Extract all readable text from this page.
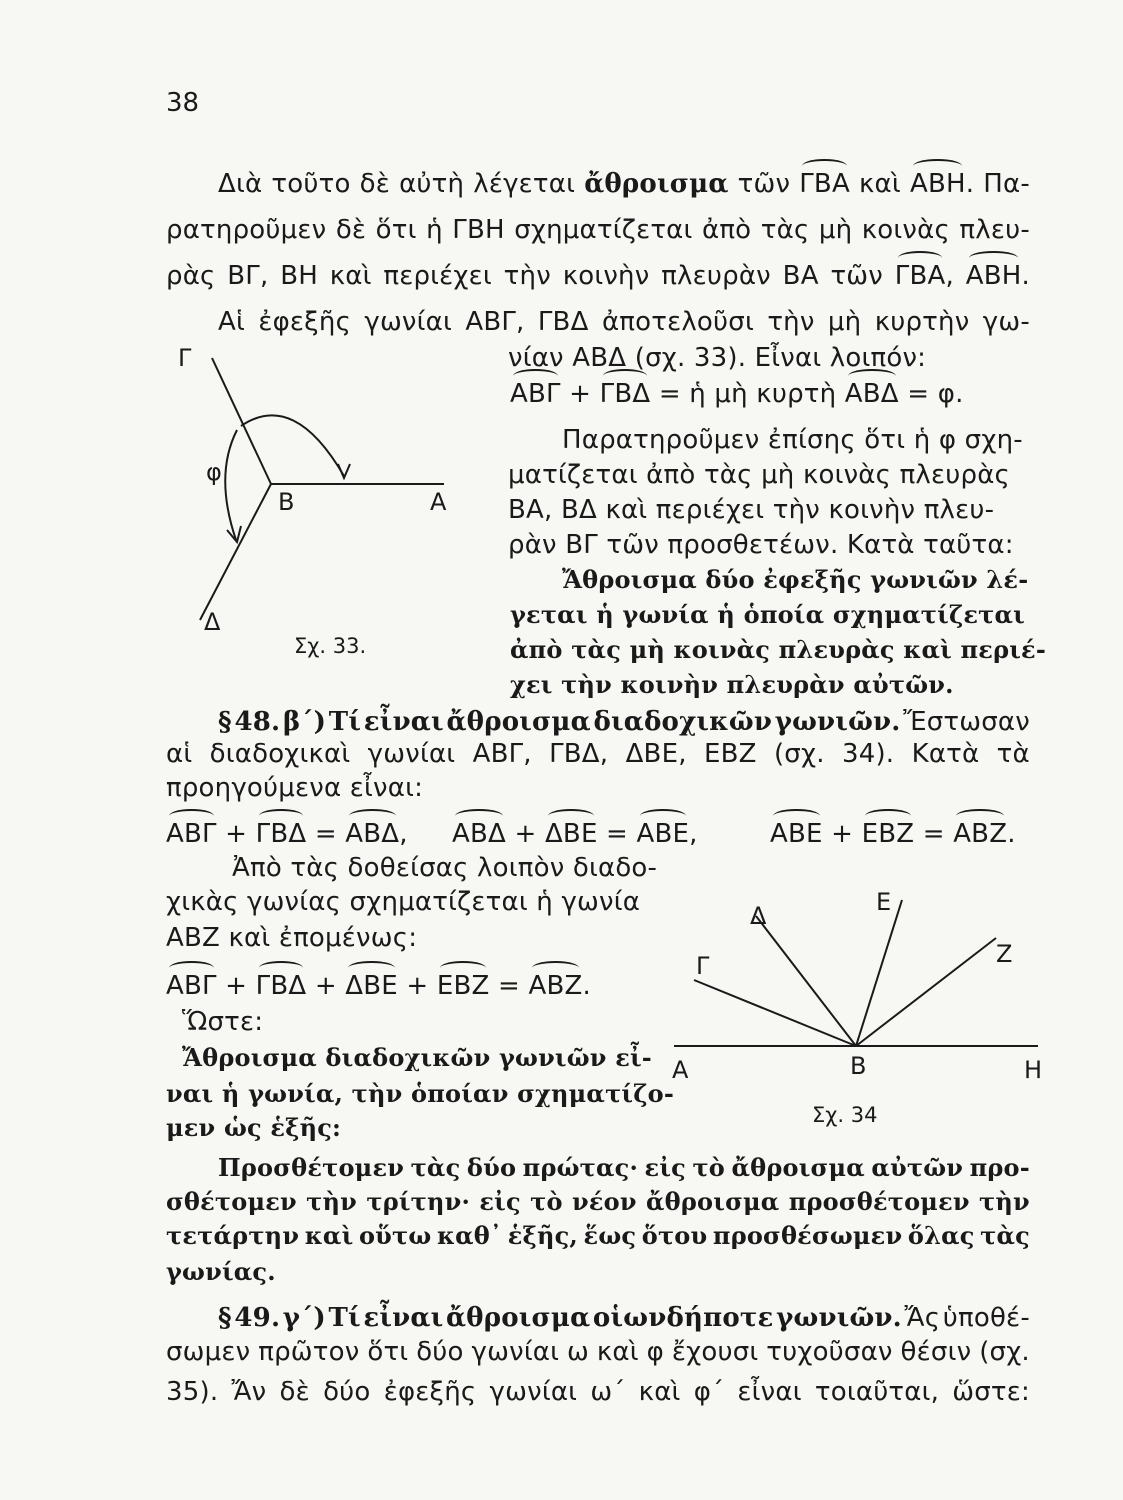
38
Διὰ τοῦτο δὲ αὐτὴ λέγεται ἄθροισμα τῶν ΓΒΑ καὶ ΑΒΗ. Πα-
ρατηροῦμεν δὲ ὅτι ἡ ΓΒΗ σχηματίζεται ἀπὸ τὰς μὴ κοινὰς πλευ-
ρὰς ΒΓ, ΒΗ καὶ περιέχει τὴν κοινὴν πλευρὰν ΒΑ τῶν ΓΒΑ, ΑΒΗ.
Αἱ ἐφεξῆς γωνίαι ΑΒΓ, ΓΒΔ ἀποτελοῦσι τὴν μὴ κυρτὴν γω-
νίαν ΑΒΔ (σχ. 33). Εἶναι λοιπόν:
ΑΒΓ + ΓΒΔ = ἡ μὴ κυρτὴ ΑΒΔ = φ.
Παρατηροῦμεν ἐπίσης ὅτι ἡ φ σχη-
ματίζεται ἀπὸ τὰς μὴ κοινὰς πλευρὰς
ΒΑ, ΒΔ καὶ περιέχει τὴν κοινὴν πλευ-
ρὰν ΒΓ τῶν προσθετέων. Κατὰ ταῦτα:
Ἄθροισμα δύο ἐφεξῆς γωνιῶν λέ-
γεται ἡ γωνία ἡ ὁποία σχηματίζεται
ἀπὸ τὰς μὴ κοινὰς πλευρὰς καὶ περιέ-
χει τὴν κοινὴν πλευρὰν αὐτῶν.
Γ
Β	Α
Δ
φ
Σχ. 33.
§ 48. β΄) Τί εἶναι ἄθροισμα διαδοχικῶν γωνιῶν. Ἔστωσαν
αἱ διαδοχικαὶ γωνίαι ΑΒΓ, ΓΒΔ, ΔΒΕ, ΕΒΖ (σχ. 34). Κατὰ τὰ
προηγούμενα εἶναι:
ΑΒΓ + ΓΒΔ = ΑΒΔ, ΑΒΔ + ΔΒΕ = ΑΒΕ,	ΑΒΕ + ΕΒΖ = ΑΒΖ.
Ἀπὸ τὰς δοθείσας λοιπὸν διαδο-
χικὰς γωνίας σχηματίζεται ἡ γωνία
ΑΒΖ καὶ ἐπομένως:
ΑΒΓ + ΓΒΔ + ΔΒΕ + ΕΒΖ = ΑΒΖ.
Ὥστε:
Ἄθροισμα διαδοχικῶν γωνιῶν εἶ-
ναι ἡ γωνία, τὴν ὁποίαν σχηματίζο-
μεν ὡς ἑξῆς:
Α	Β	Η
Γ
Δ	Ε
Ζ
Σχ. 34
Προσθέτομεν τὰς δύο πρώτας· εἰς τὸ ἄθροισμα αὐτῶν προ-
σθέτομεν τὴν τρίτην· εἰς τὸ νέον ἄθροισμα προσθέτομεν τὴν
τετάρτην καὶ οὕτω καθ᾽ ἑξῆς, ἕως ὅτου προσθέσωμεν ὅλας τὰς
γωνίας.
§ 49. γ΄) Τί εἶναι ἄθροισμα οἱωνδήποτε γωνιῶν. Ἄς ὑποθέ-
σωμεν πρῶτον ὅτι δύο γωνίαι ω καὶ φ ἔχουσι τυχοῦσαν θέσιν (σχ.
35). Ἄν δὲ δύο ἐφεξῆς γωνίαι ω΄ καὶ φ΄ εἶναι τοιαῦται, ὥστε:
